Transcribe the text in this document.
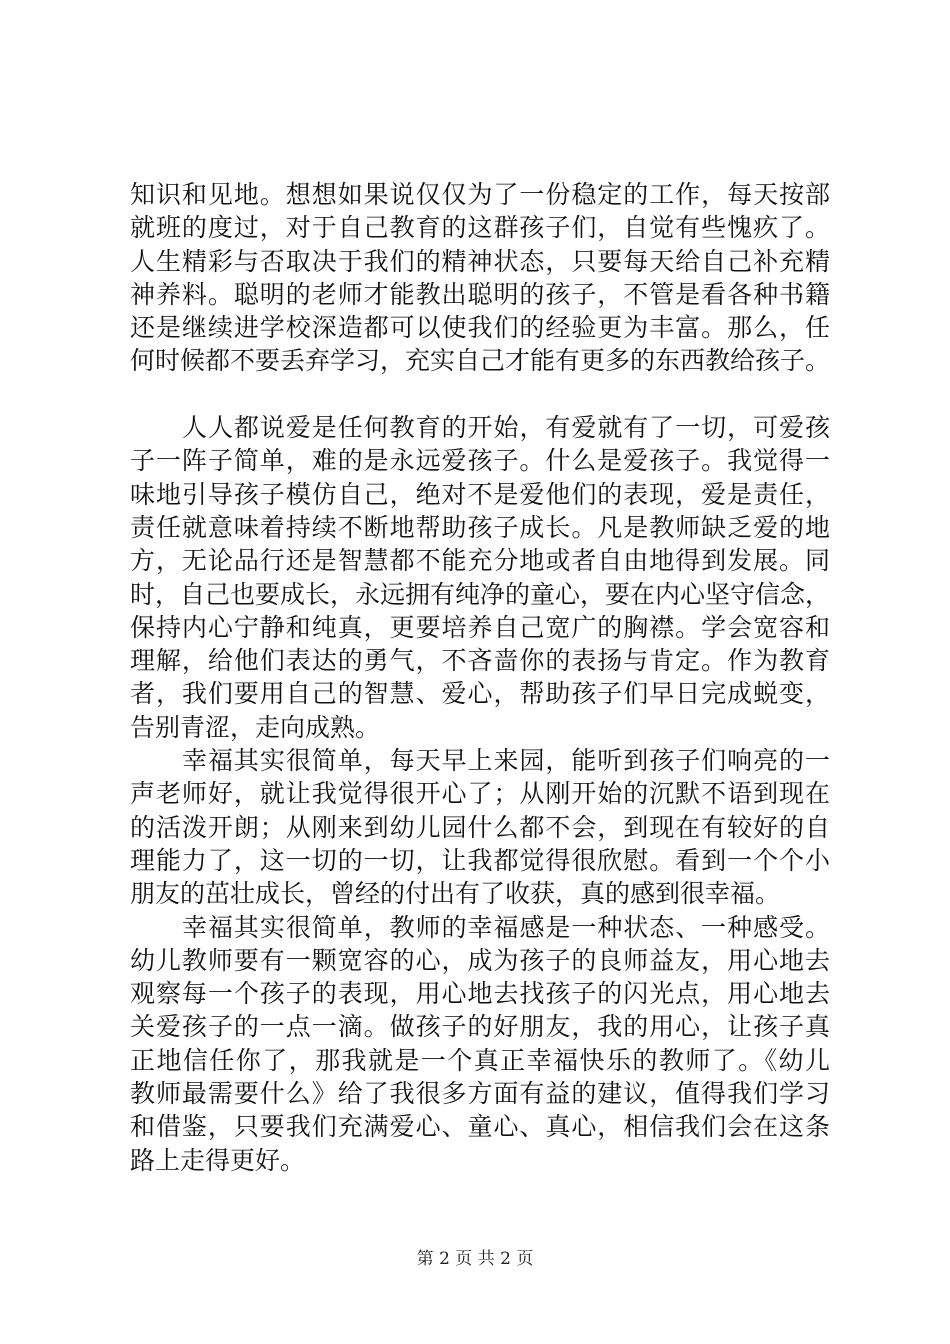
知识和见地。想想如果说仅仅为了一份稳定的工作，每天按部
就班的度过，对于自己教育的这群孩子们，自觉有些愧疚了。
人生精彩与否取决于我们的精神状态，只要每天给自己补充精
神养料。聪明的老师才能教出聪明的孩子，不管是看各种书籍
还是继续进学校深造都可以使我们的经验更为丰富。那么，任
何时候都不要丢弃学习，充实自己才能有更多的东西教给孩子。
人人都说爱是任何教育的开始，有爱就有了一切，可爱孩
子一阵子简单，难的是永远爱孩子。什么是爱孩子。我觉得一
味地引导孩子模仿自己，绝对不是爱他们的表现，爱是责任，
责任就意味着持续不断地帮助孩子成长。凡是教师缺乏爱的地
方，无论品行还是智慧都不能充分地或者自由地得到发展。同
时，自己也要成长，永远拥有纯净的童心，要在内心坚守信念，
保持内心宁静和纯真，更要培养自己宽广的胸襟。学会宽容和
理解，给他们表达的勇气，不吝啬你的表扬与肯定。作为教育
者，我们要用自己的智慧、爱心，帮助孩子们早日完成蜕变，
告别青涩，走向成熟。
幸福其实很简单，每天早上来园，能听到孩子们响亮的一
声老师好，就让我觉得很开心了；从刚开始的沉默不语到现在
的活泼开朗；从刚来到幼儿园什么都不会，到现在有较好的自
理能力了，这一切的一切，让我都觉得很欣慰。看到一个个小
朋友的茁壮成长，曾经的付出有了收获，真的感到很幸福。
幸福其实很简单，教师的幸福感是一种状态、一种感受。
幼儿教师要有一颗宽容的心，成为孩子的良师益友，用心地去
观察每一个孩子的表现，用心地去找孩子的闪光点，用心地去
关爱孩子的一点一滴。做孩子的好朋友，我的用心，让孩子真
正地信任你了，那我就是一个真正幸福快乐的教师了。《幼儿
教师最需要什么》给了我很多方面有益的建议，值得我们学习
和借鉴，只要我们充满爱心、童心、真心，相信我们会在这条
路上走得更好。
第 2 页 共 2 页
